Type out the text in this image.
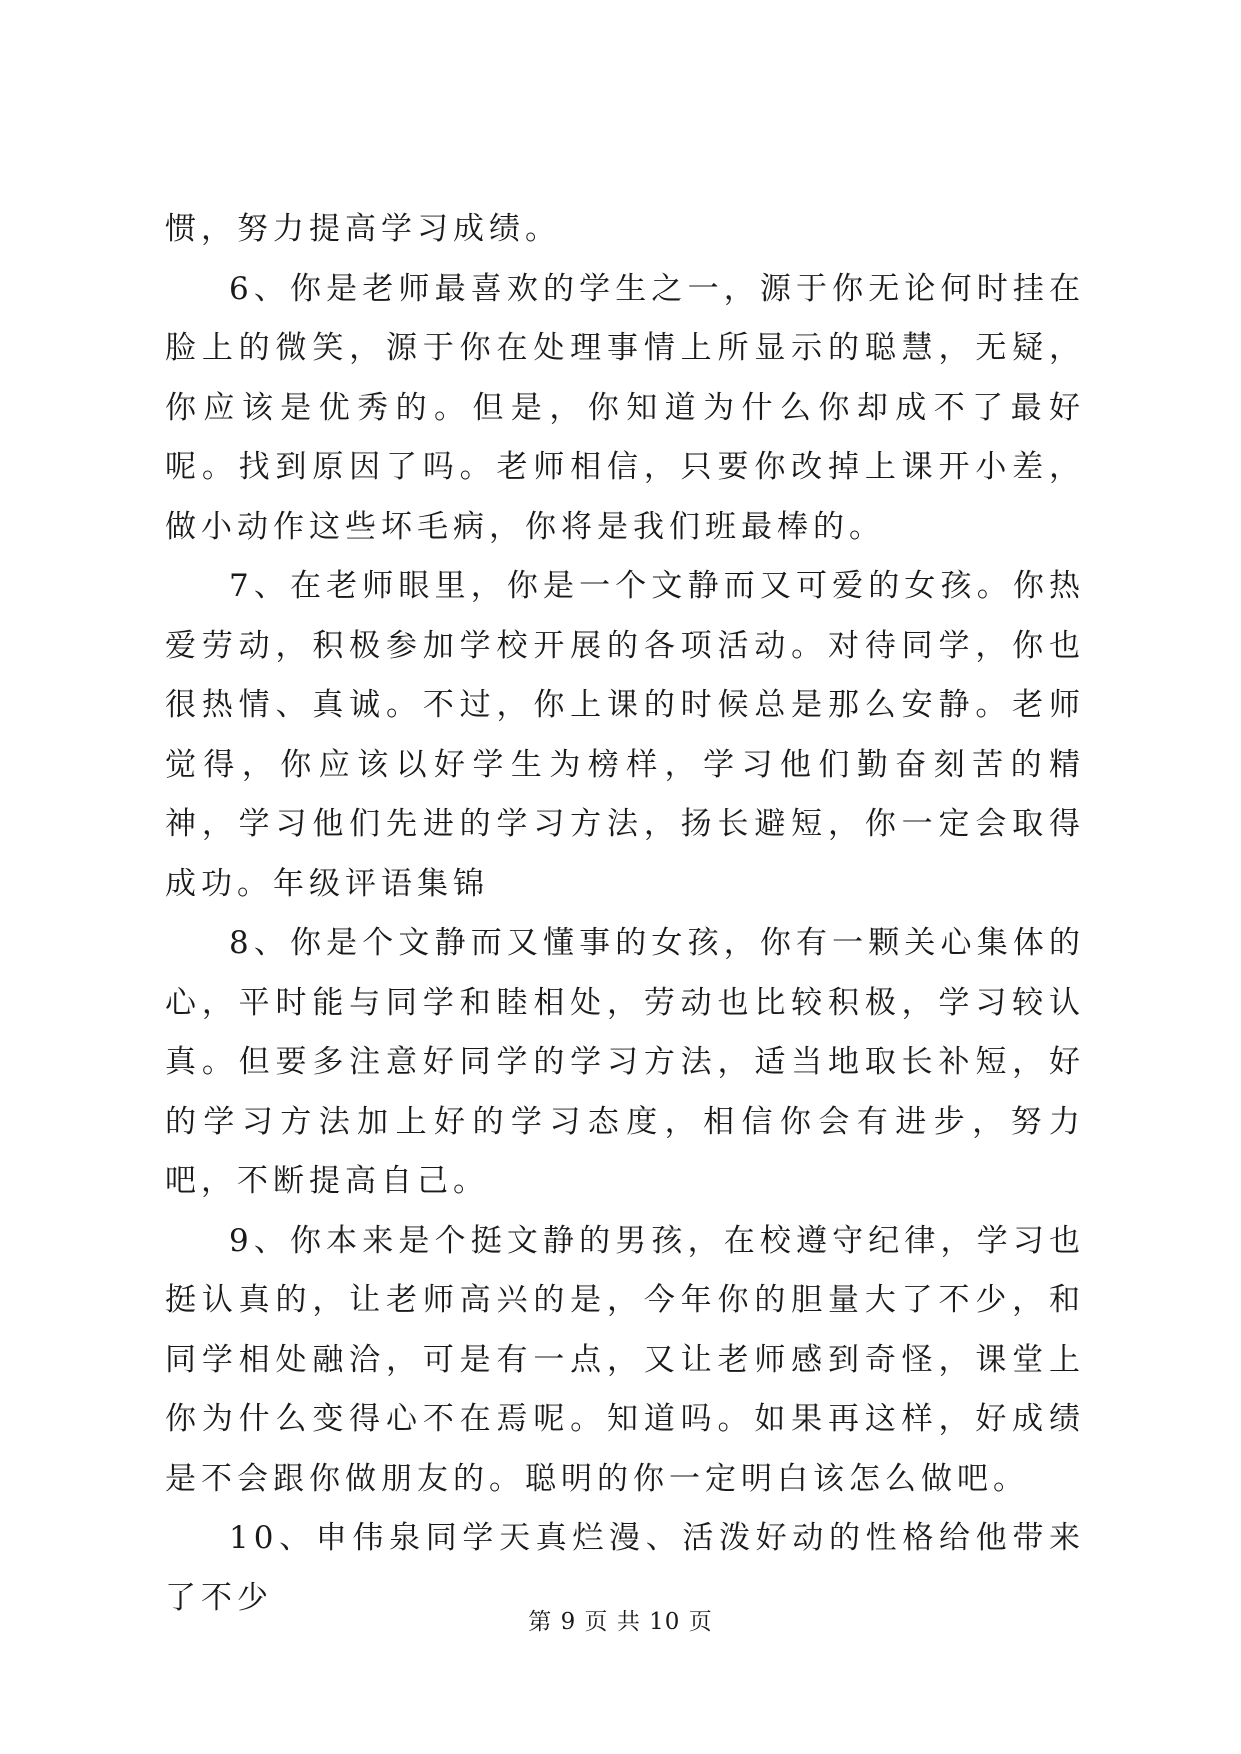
惯，努力提高学习成绩。

6、你是老师最喜欢的学生之一，源于你无论何时挂在脸上的微笑，源于你在处理事情上所显示的聪慧，无疑，你应该是优秀的。但是，你知道为什么你却成不了最好呢。找到原因了吗。老师相信，只要你改掉上课开小差，做小动作这些坏毛病，你将是我们班最棒的。

7、在老师眼里，你是一个文静而又可爱的女孩。你热爱劳动，积极参加学校开展的各项活动。对待同学，你也很热情、真诚。不过，你上课的时候总是那么安静。老师觉得，你应该以好学生为榜样，学习他们勤奋刻苦的精神，学习他们先进的学习方法，扬长避短，你一定会取得成功。年级评语集锦

8、你是个文静而又懂事的女孩，你有一颗关心集体的心，平时能与同学和睦相处，劳动也比较积极，学习较认真。但要多注意好同学的学习方法，适当地取长补短，好的学习方法加上好的学习态度，相信你会有进步，努力吧，不断提高自己。

9、你本来是个挺文静的男孩，在校遵守纪律，学习也挺认真的，让老师高兴的是，今年你的胆量大了不少，和同学相处融洽，可是有一点，又让老师感到奇怪，课堂上你为什么变得心不在焉呢。知道吗。如果再这样，好成绩是不会跟你做朋友的。聪明的你一定明白该怎么做吧。

10、申伟泉同学天真烂漫、活泼好动的性格给他带来了不少

第 9 页 共 10 页
